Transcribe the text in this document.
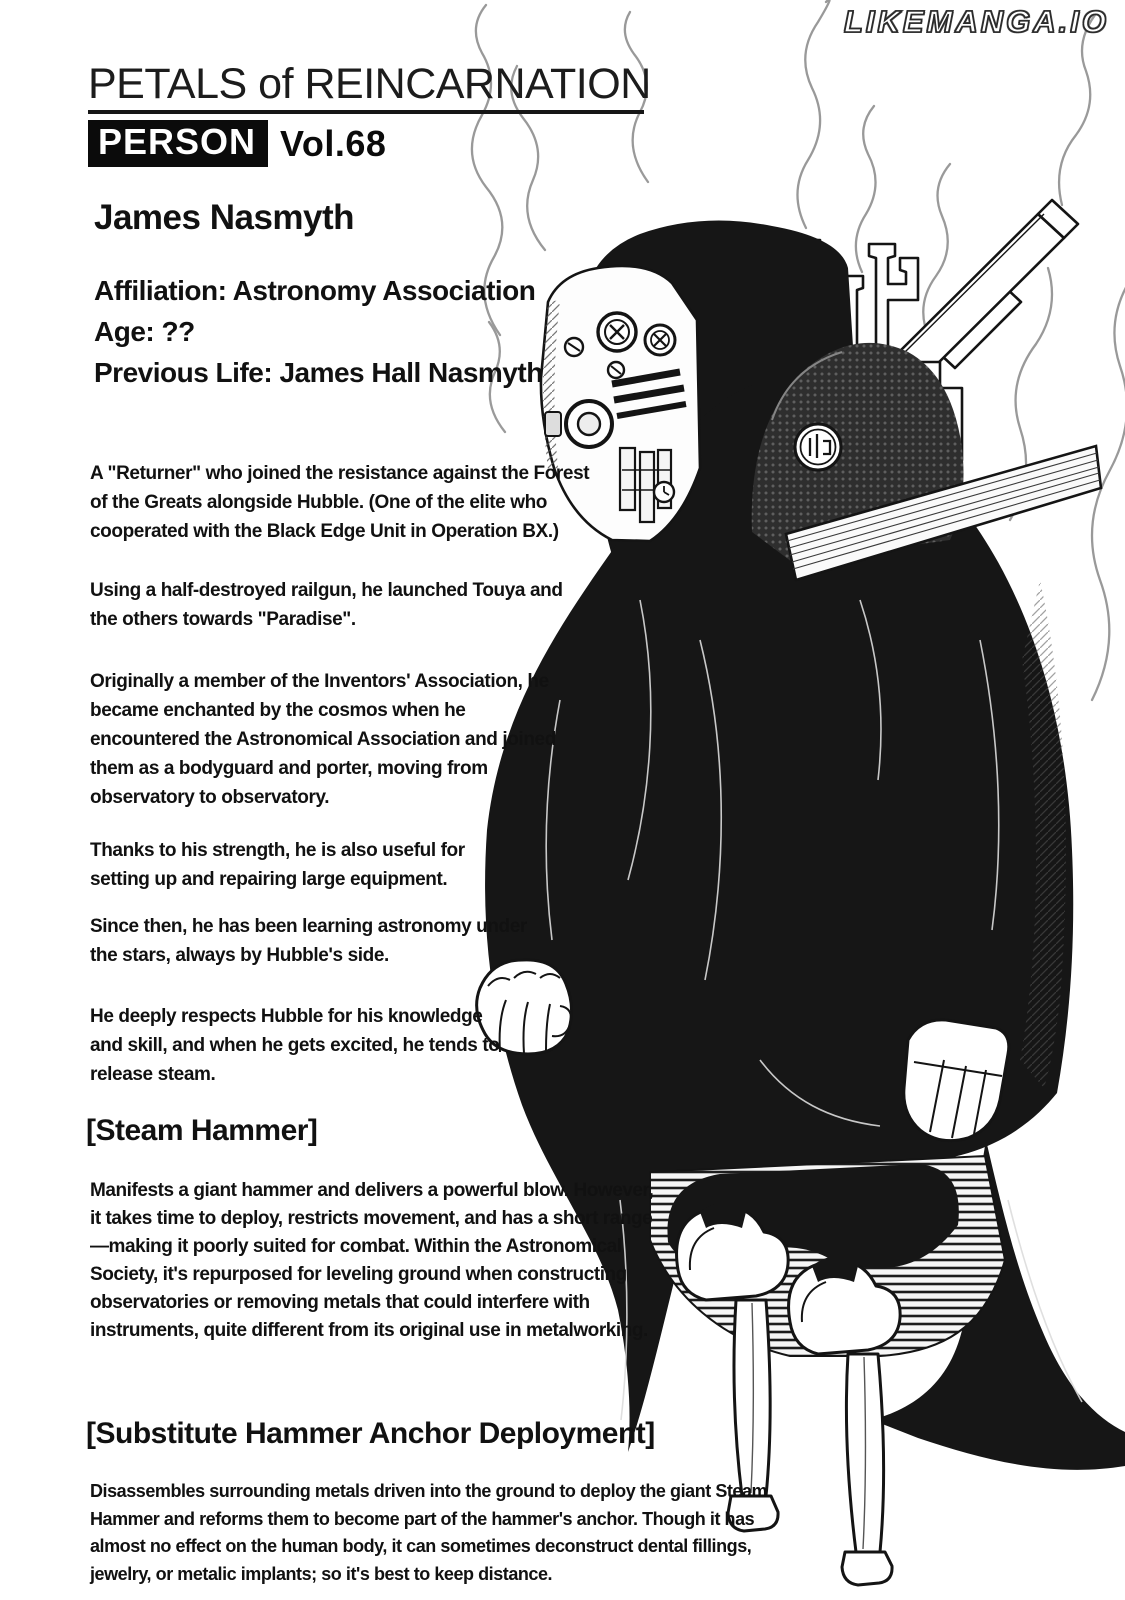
LIKEMANGA.IO
PETALS of REINCARNATION
PERSON Vol.68
James Nasmyth
Affiliation: Astronomy Association
Age: ??
Previous Life: James Hall Nasmyth

A "Returner" who joined the resistance against the Forest of the Greats alongside Hubble. (One of the elite who cooperated with the Black Edge Unit in Operation BX.)

Using a half-destroyed railgun, he launched Touya and the others towards "Paradise".

Originally a member of the Inventors' Association, he became enchanted by the cosmos when he encountered the Astronomical Association and joined them as a bodyguard and porter, moving from observatory to observatory.

Thanks to his strength, he is also useful for setting up and repairing large equipment.

Since then, he has been learning astronomy under the stars, always by Hubble's side.

He deeply respects Hubble for his knowledge and skill, and when he gets excited, he tends to release steam.

[Steam Hammer]

Manifests a giant hammer and delivers a powerful blow. However, it takes time to deploy, restricts movement, and has a short range—making it poorly suited for combat. Within the Astronomical Society, it's repurposed for leveling ground when constructing observatories or removing metals that could interfere with instruments, quite different from its original use in metalworking.

[Substitute Hammer Anchor Deployment]

Disassembles surrounding metals driven into the ground to deploy the giant Steam Hammer and reforms them to become part of the hammer's anchor. Though it has almost no effect on the human body, it can sometimes deconstruct dental fillings, jewelry, or metalic implants; so it's best to keep distance.
